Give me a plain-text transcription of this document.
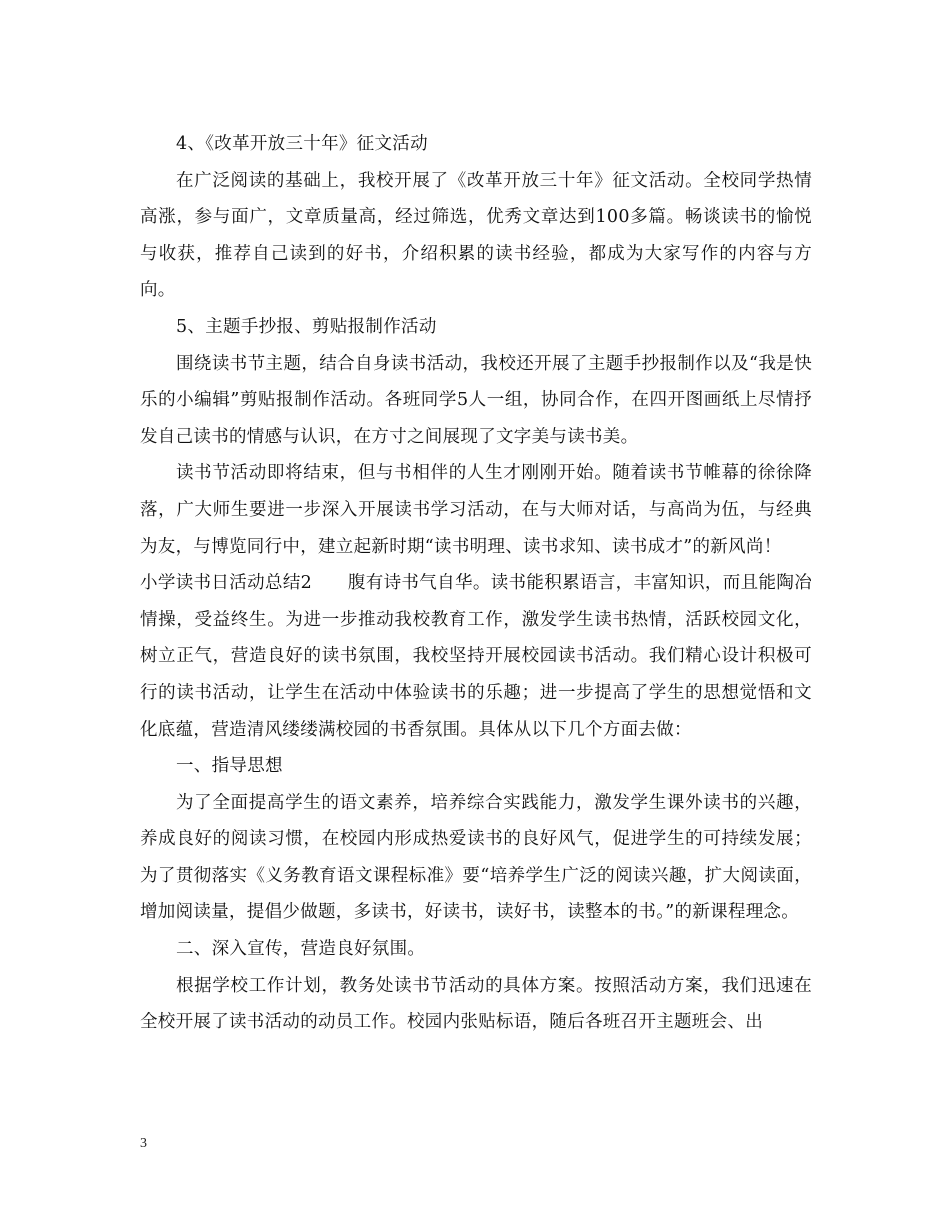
4、《改革开放三十年》征文活动

在广泛阅读的基础上，我校开展了《改革开放三十年》征文活动。全校同学热情高涨，参与面广，文章质量高，经过筛选，优秀文章达到100多篇。畅谈读书的愉悦与收获，推荐自己读到的好书，介绍积累的读书经验，都成为大家写作的内容与方向。

5、主题手抄报、剪贴报制作活动

围绕读书节主题，结合自身读书活动，我校还开展了主题手抄报制作以及“我是快乐的小编辑”剪贴报制作活动。各班同学5人一组，协同合作，在四开图画纸上尽情抒发自己读书的情感与认识，在方寸之间展现了文字美与读书美。

读书节活动即将结束，但与书相伴的人生才刚刚开始。随着读书节帷幕的徐徐降落，广大师生要进一步深入开展读书学习活动，在与大师对话，与高尚为伍，与经典为友，与博览同行中，建立起新时期“读书明理、读书求知、读书成才”的新风尚！

小学读书日活动总结2　　腹有诗书气自华。读书能积累语言，丰富知识，而且能陶冶情操，受益终生。为进一步推动我校教育工作，激发学生读书热情，活跃校园文化，树立正气，营造良好的读书氛围，我校坚持开展校园读书活动。我们精心设计积极可行的读书活动，让学生在活动中体验读书的乐趣；进一步提高了学生的思想觉悟和文化底蕴，营造清风缕缕满校园的书香氛围。具体从以下几个方面去做：

一、指导思想

为了全面提高学生的语文素养，培养综合实践能力，激发学生课外读书的兴趣，养成良好的阅读习惯，在校园内形成热爱读书的良好风气，促进学生的可持续发展；为了贯彻落实《义务教育语文课程标准》要“培养学生广泛的阅读兴趣，扩大阅读面，增加阅读量，提倡少做题，多读书，好读书，读好书，读整本的书。”的新课程理念。

二、深入宣传，营造良好氛围。

根据学校工作计划，教务处读书节活动的具体方案。按照活动方案，我们迅速在全校开展了读书活动的动员工作。校园内张贴标语，随后各班召开主题班会、出

3
